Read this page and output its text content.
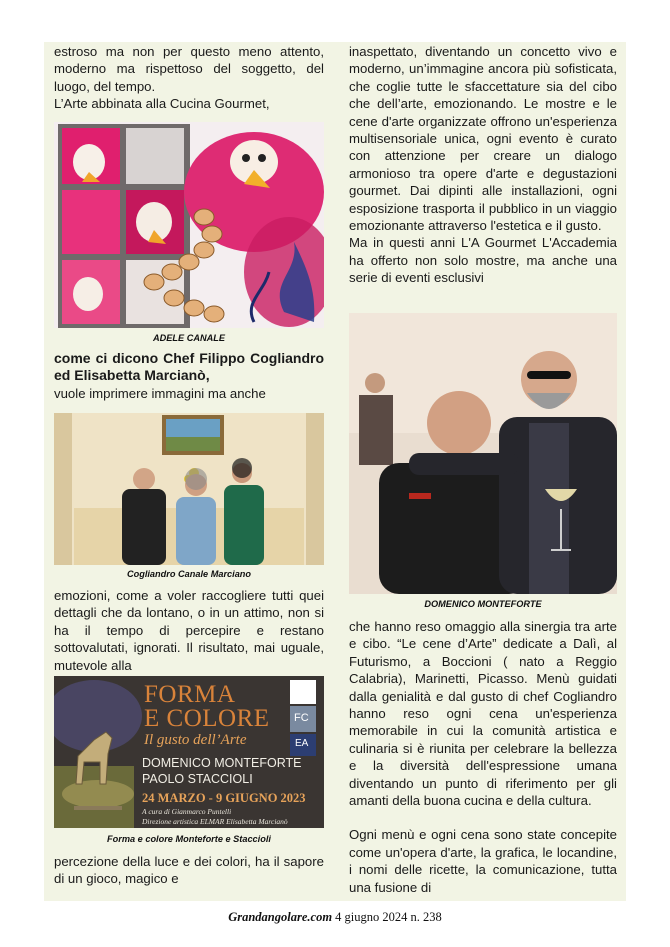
estroso ma non per questo meno attento, moderno ma rispettoso del soggetto, del luogo, del tempo.

L’Arte abbinata alla Cucina Gourmet,

ADELE CANALE

come ci dicono Chef Filippo Cogliandro ed Elisabetta Marcianò,

vuole imprimere immagini ma anche

Cogliandro Canale Marciano

emozioni, come a voler raccogliere tutti quei dettagli che da lontano, o in un attimo, non si ha il tempo di percepire e restano sottovalutati, ignorati. Il risultato, mai uguale, mutevole alla

FORMA
E COLORE
Il gusto dell’Arte
DOMENICO MONTEFORTE
PAOLO STACCIOLI
24 MARZO - 9 GIUGNO 2023
A cura di Gianmarco Puntelli
Direzione artistica ELMAR Elisabetta Marcianò
FC
EA
Forma e colore Monteforte e Staccioli

percezione della luce e dei colori, ha il sapore di un gioco, magico e

inaspettato, diventando un concetto vivo e moderno, un’immagine ancora più sofisticata, che coglie tutte le sfaccettature sia del cibo che dell’arte, emozionando. Le mostre e le cene d'arte organizzate offrono un'esperienza multisensoriale unica, ogni evento è curato con attenzione per creare un dialogo armonioso tra opere d'arte e degustazioni gourmet. Dai dipinti alle installazioni, ogni esposizione trasporta il pubblico in un viaggio emozionante attraverso l'estetica e il gusto.

Ma in questi anni L'A Gourmet L'Accademia ha offerto non solo mostre, ma anche una serie di eventi esclusivi

DOMENICO MONTEFORTE

che hanno reso omaggio alla sinergia tra arte e cibo. “Le cene d’Arte” dedicate a Dalì, al Futurismo, a Boccioni ( nato a Reggio Calabria), Marinetti, Picasso. Menù guidati dalla genialità e dal gusto di chef Cogliandro hanno reso ogni cena un'esperienza memorabile in cui la comunità artistica e culinaria si è riunita per celebrare la bellezza e la diversità dell'espressione umana diventando un punto di riferimento per gli amanti della buona cucina e della cultura.

Ogni menù e ogni cena sono state concepite come un'opera d'arte, la grafica, le locandine, i nomi delle ricette, la comunicazione, tutta una fusione di

Grandangolare.com 4 giugno 2024 n. 238
